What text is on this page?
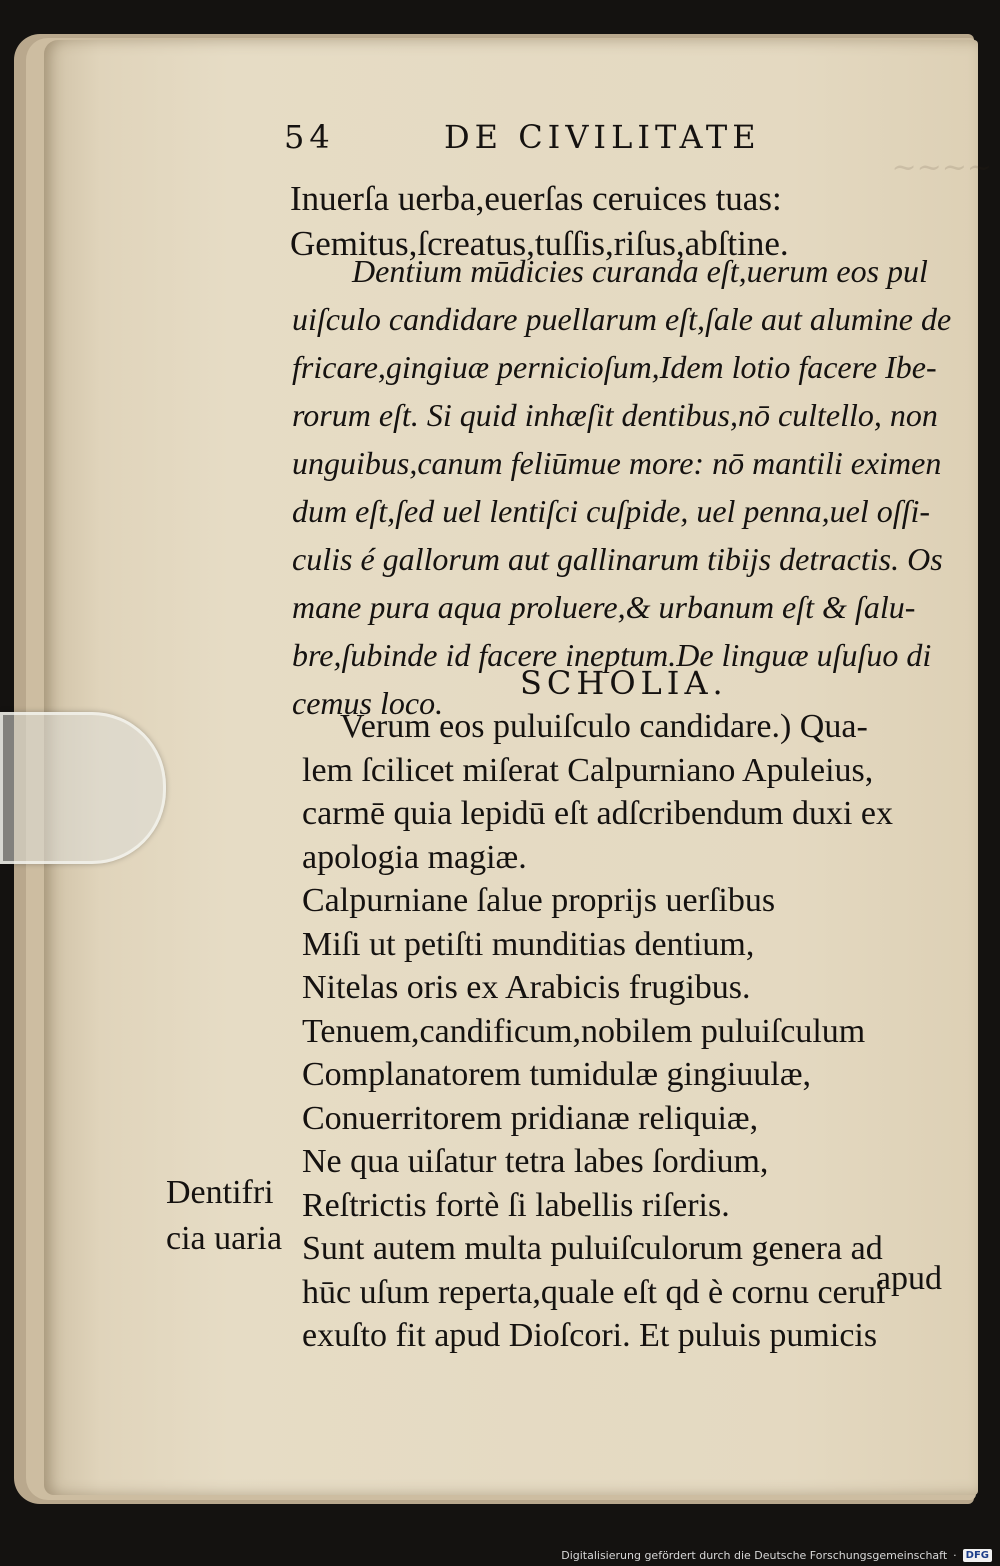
~~~~
54	DE CIVILITATE
Inuerſa uerba,euerſas ceruices tuas:
Gemitus,ſcreatus,tuſſis,riſus,abſtine.
Dentium mūdicies curanda eſt,uerum eos pul
uiſculo candidare puellarum eſt,ſale aut alumine de
fricare,gingiuæ pernicioſum,Idem lotio facere Ibe-
rorum eſt. Si quid inhæſit dentibus,nō cultello, non
unguibus,canum feliūmue more: nō mantili eximen
dum eſt,ſed uel lentiſci cuſpide, uel penna,uel oſſi-
culis é gallorum aut gallinarum tibijs detractis. Os
mane pura aqua proluere,& urbanum eſt & ſalu-
bre,ſubinde id facere ineptum.De linguæ uſuſuo di
cemus loco.
SCHOLIA.
Verum eos puluiſculo candidare.) Qua-
lem ſcilicet miſerat Calpurniano Apuleius,
carmē quia lepidū eſt adſcribendum duxi ex
apologia magiæ.
Calpurniane ſalue proprijs uerſibus
Miſi ut petiſti munditias dentium,
Nitelas oris ex Arabicis frugibus.
Tenuem,candificum,nobilem puluiſculum
Complanatorem tumidulæ gingiuulæ,
Conuerritorem pridianæ reliquiæ,
Ne qua uiſatur tetra labes ſordium,
Reſtrictis fortè ſi labellis riſeris.
Sunt autem multa puluiſculorum genera ad
hūc uſum reperta,quale eſt qd è cornu cerui
exuſto fit apud Dioſcori. Et puluis pumicis
Dentifri
cia uaria
apud
Digitalisierung gefördert durch die Deutsche Forschungsgemeinschaft · DFG
